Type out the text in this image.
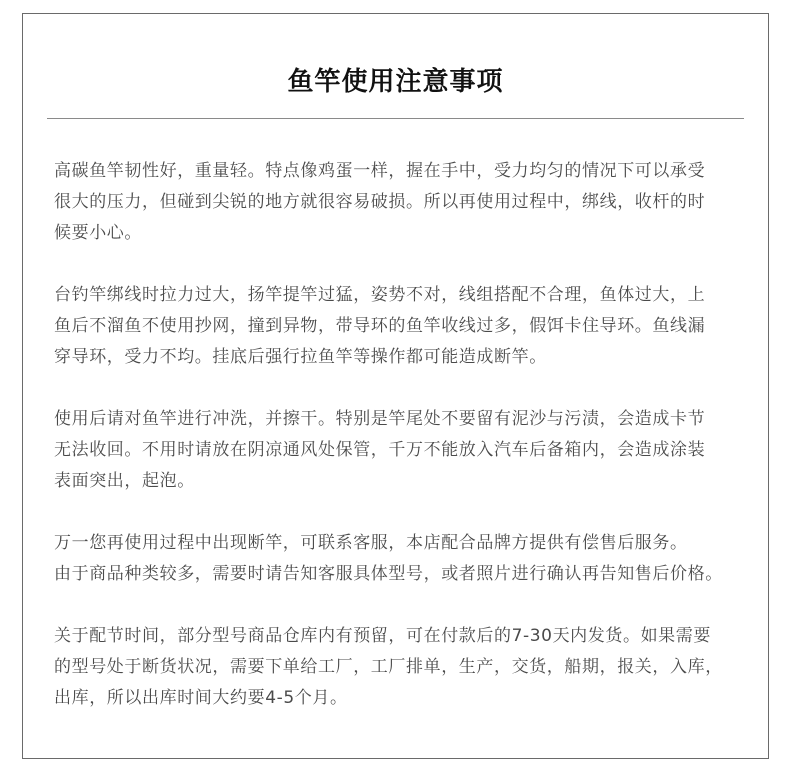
鱼竿使用注意事项

高碳鱼竿韧性好，重量轻。特点像鸡蛋一样，握在手中，受力均匀的情况下可以承受
很大的压力，但碰到尖锐的地方就很容易破损。所以再使用过程中，绑线，收杆的时
候要小心。

台钓竿绑线时拉力过大，扬竿提竿过猛，姿势不对，线组搭配不合理，鱼体过大，上
鱼后不溜鱼不使用抄网，撞到异物，带导环的鱼竿收线过多，假饵卡住导环。鱼线漏
穿导环，受力不均。挂底后强行拉鱼竿等操作都可能造成断竿。

使用后请对鱼竿进行冲洗，并擦干。特别是竿尾处不要留有泥沙与污渍，会造成卡节
无法收回。不用时请放在阴凉通风处保管，千万不能放入汽车后备箱内，会造成涂装
表面突出，起泡。

万一您再使用过程中出现断竿，可联系客服，本店配合品牌方提供有偿售后服务。
由于商品种类较多，需要时请告知客服具体型号，或者照片进行确认再告知售后价格。

关于配节时间，部分型号商品仓库内有预留，可在付款后的7-30天内发货。如果需要
的型号处于断货状况，需要下单给工厂，工厂排单，生产，交货，船期，报关，入库，
出库，所以出库时间大约要4-5个月。
